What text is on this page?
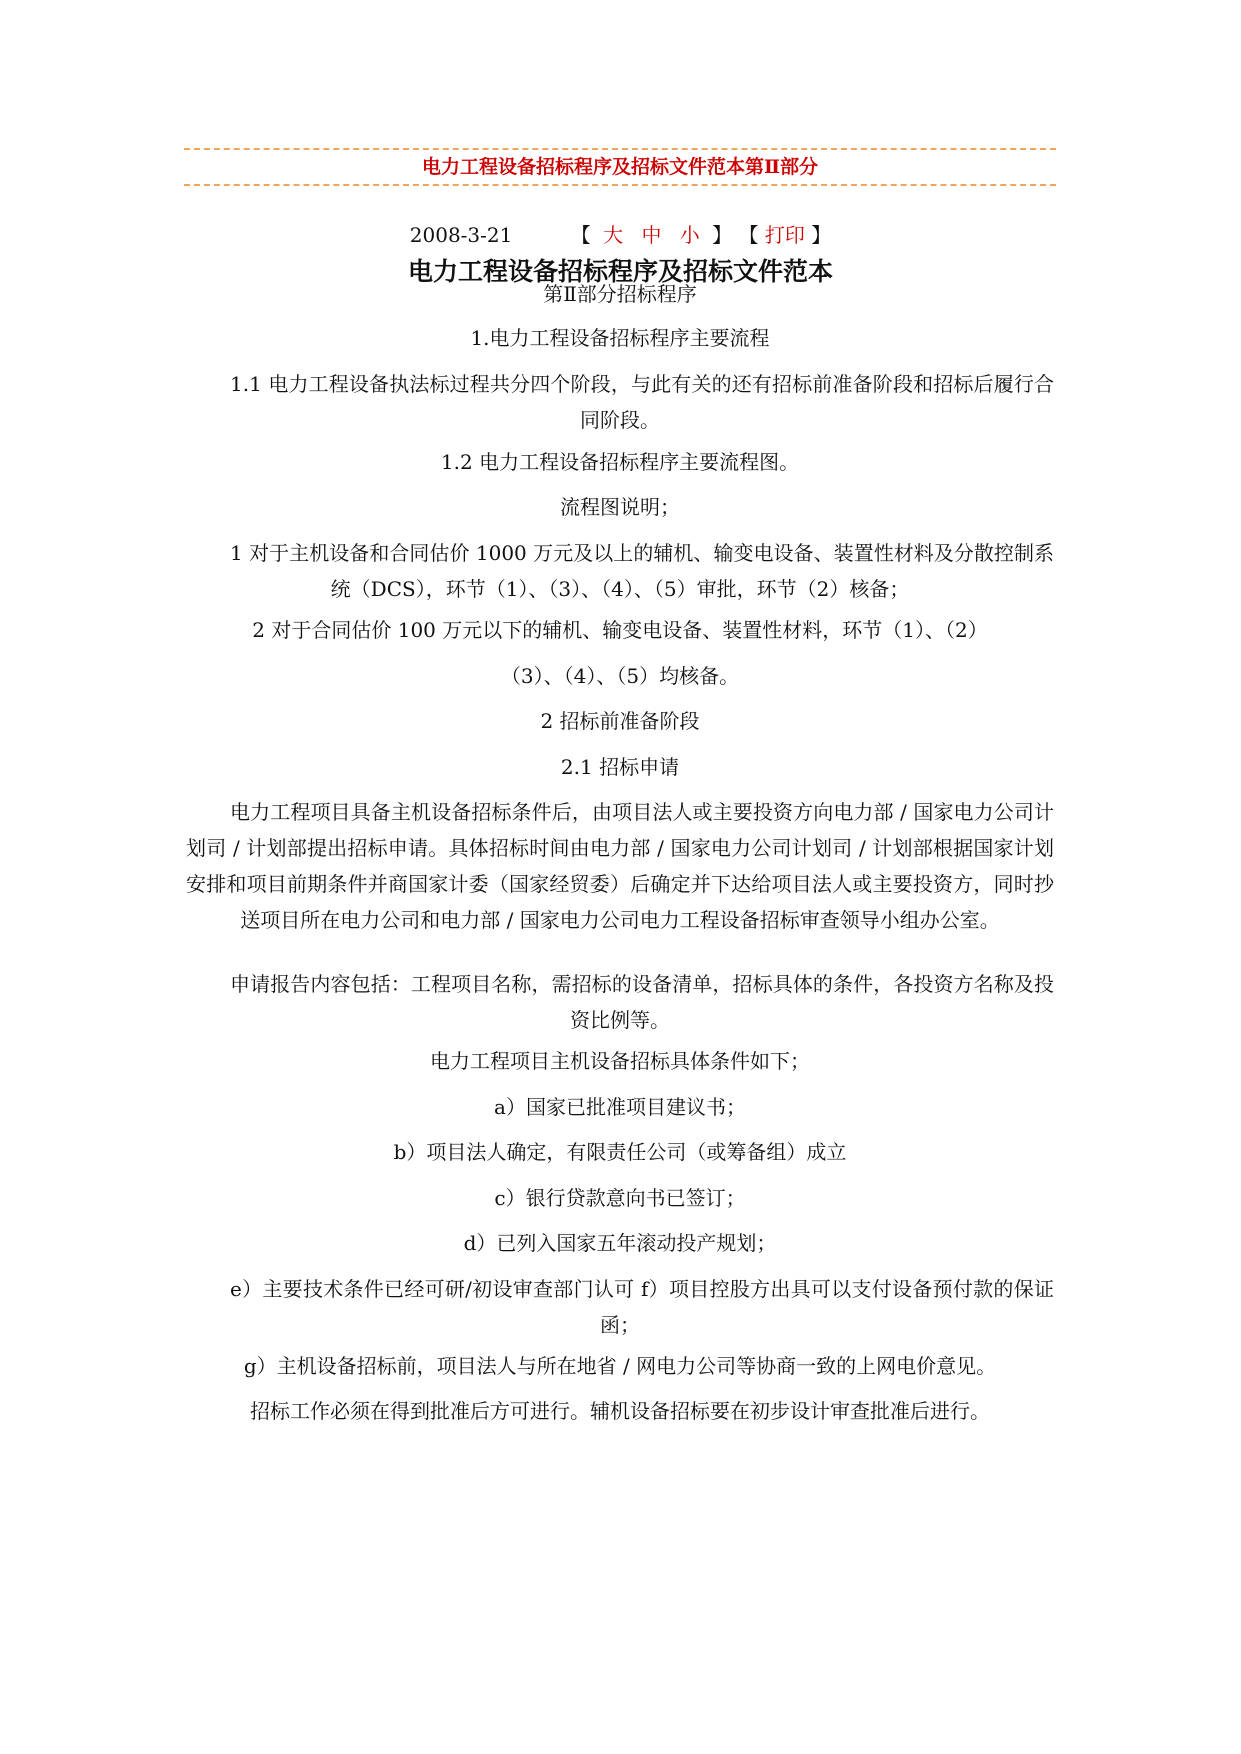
电力工程设备招标程序及招标文件范本第Ⅱ部分
2008-3-21	【 大 中 小 】 【 打印 】
电力工程设备招标程序及招标文件范本

第Ⅱ部分招标程序

1.电力工程设备招标程序主要流程

1.1 电力工程设备执法标过程共分四个阶段，与此有关的还有招标前准备阶段和招标后履行合同阶段。

1.2 电力工程设备招标程序主要流程图。

流程图说明；

1 对于主机设备和合同估价 1000 万元及以上的辅机、输变电设备、装置性材料及分散控制系统（DCS），环节（1）、（3）、（4）、（5）审批，环节（2）核备；

2 对于合同估价 100 万元以下的辅机、输变电设备、装置性材料，环节（1）、（2）

（3）、（4）、（5）均核备。

2 招标前准备阶段

2.1 招标申请

电力工程项目具备主机设备招标条件后，由项目法人或主要投资方向电力部 / 国家电力公司计划司 / 计划部提出招标申请。具体招标时间由电力部 / 国家电力公司计划司 / 计划部根据国家计划安排和项目前期条件并商国家计委（国家经贸委）后确定并下达给项目法人或主要投资方，同时抄送项目所在电力公司和电力部 / 国家电力公司电力工程设备招标审查领导小组办公室。

申请报告内容包括：工程项目名称，需招标的设备清单，招标具体的条件，各投资方名称及投资比例等。

电力工程项目主机设备招标具体条件如下；

a）国家已批准项目建议书；

b）项目法人确定，有限责任公司（或筹备组）成立

c）银行贷款意向书已签订；

d）已列入国家五年滚动投产规划；

e）主要技术条件已经可研/初设审查部门认可 f）项目控股方出具可以支付设备预付款的保证函；

g）主机设备招标前，项目法人与所在地省 / 网电力公司等协商一致的上网电价意见。

招标工作必须在得到批准后方可进行。辅机设备招标要在初步设计审查批准后进行。
